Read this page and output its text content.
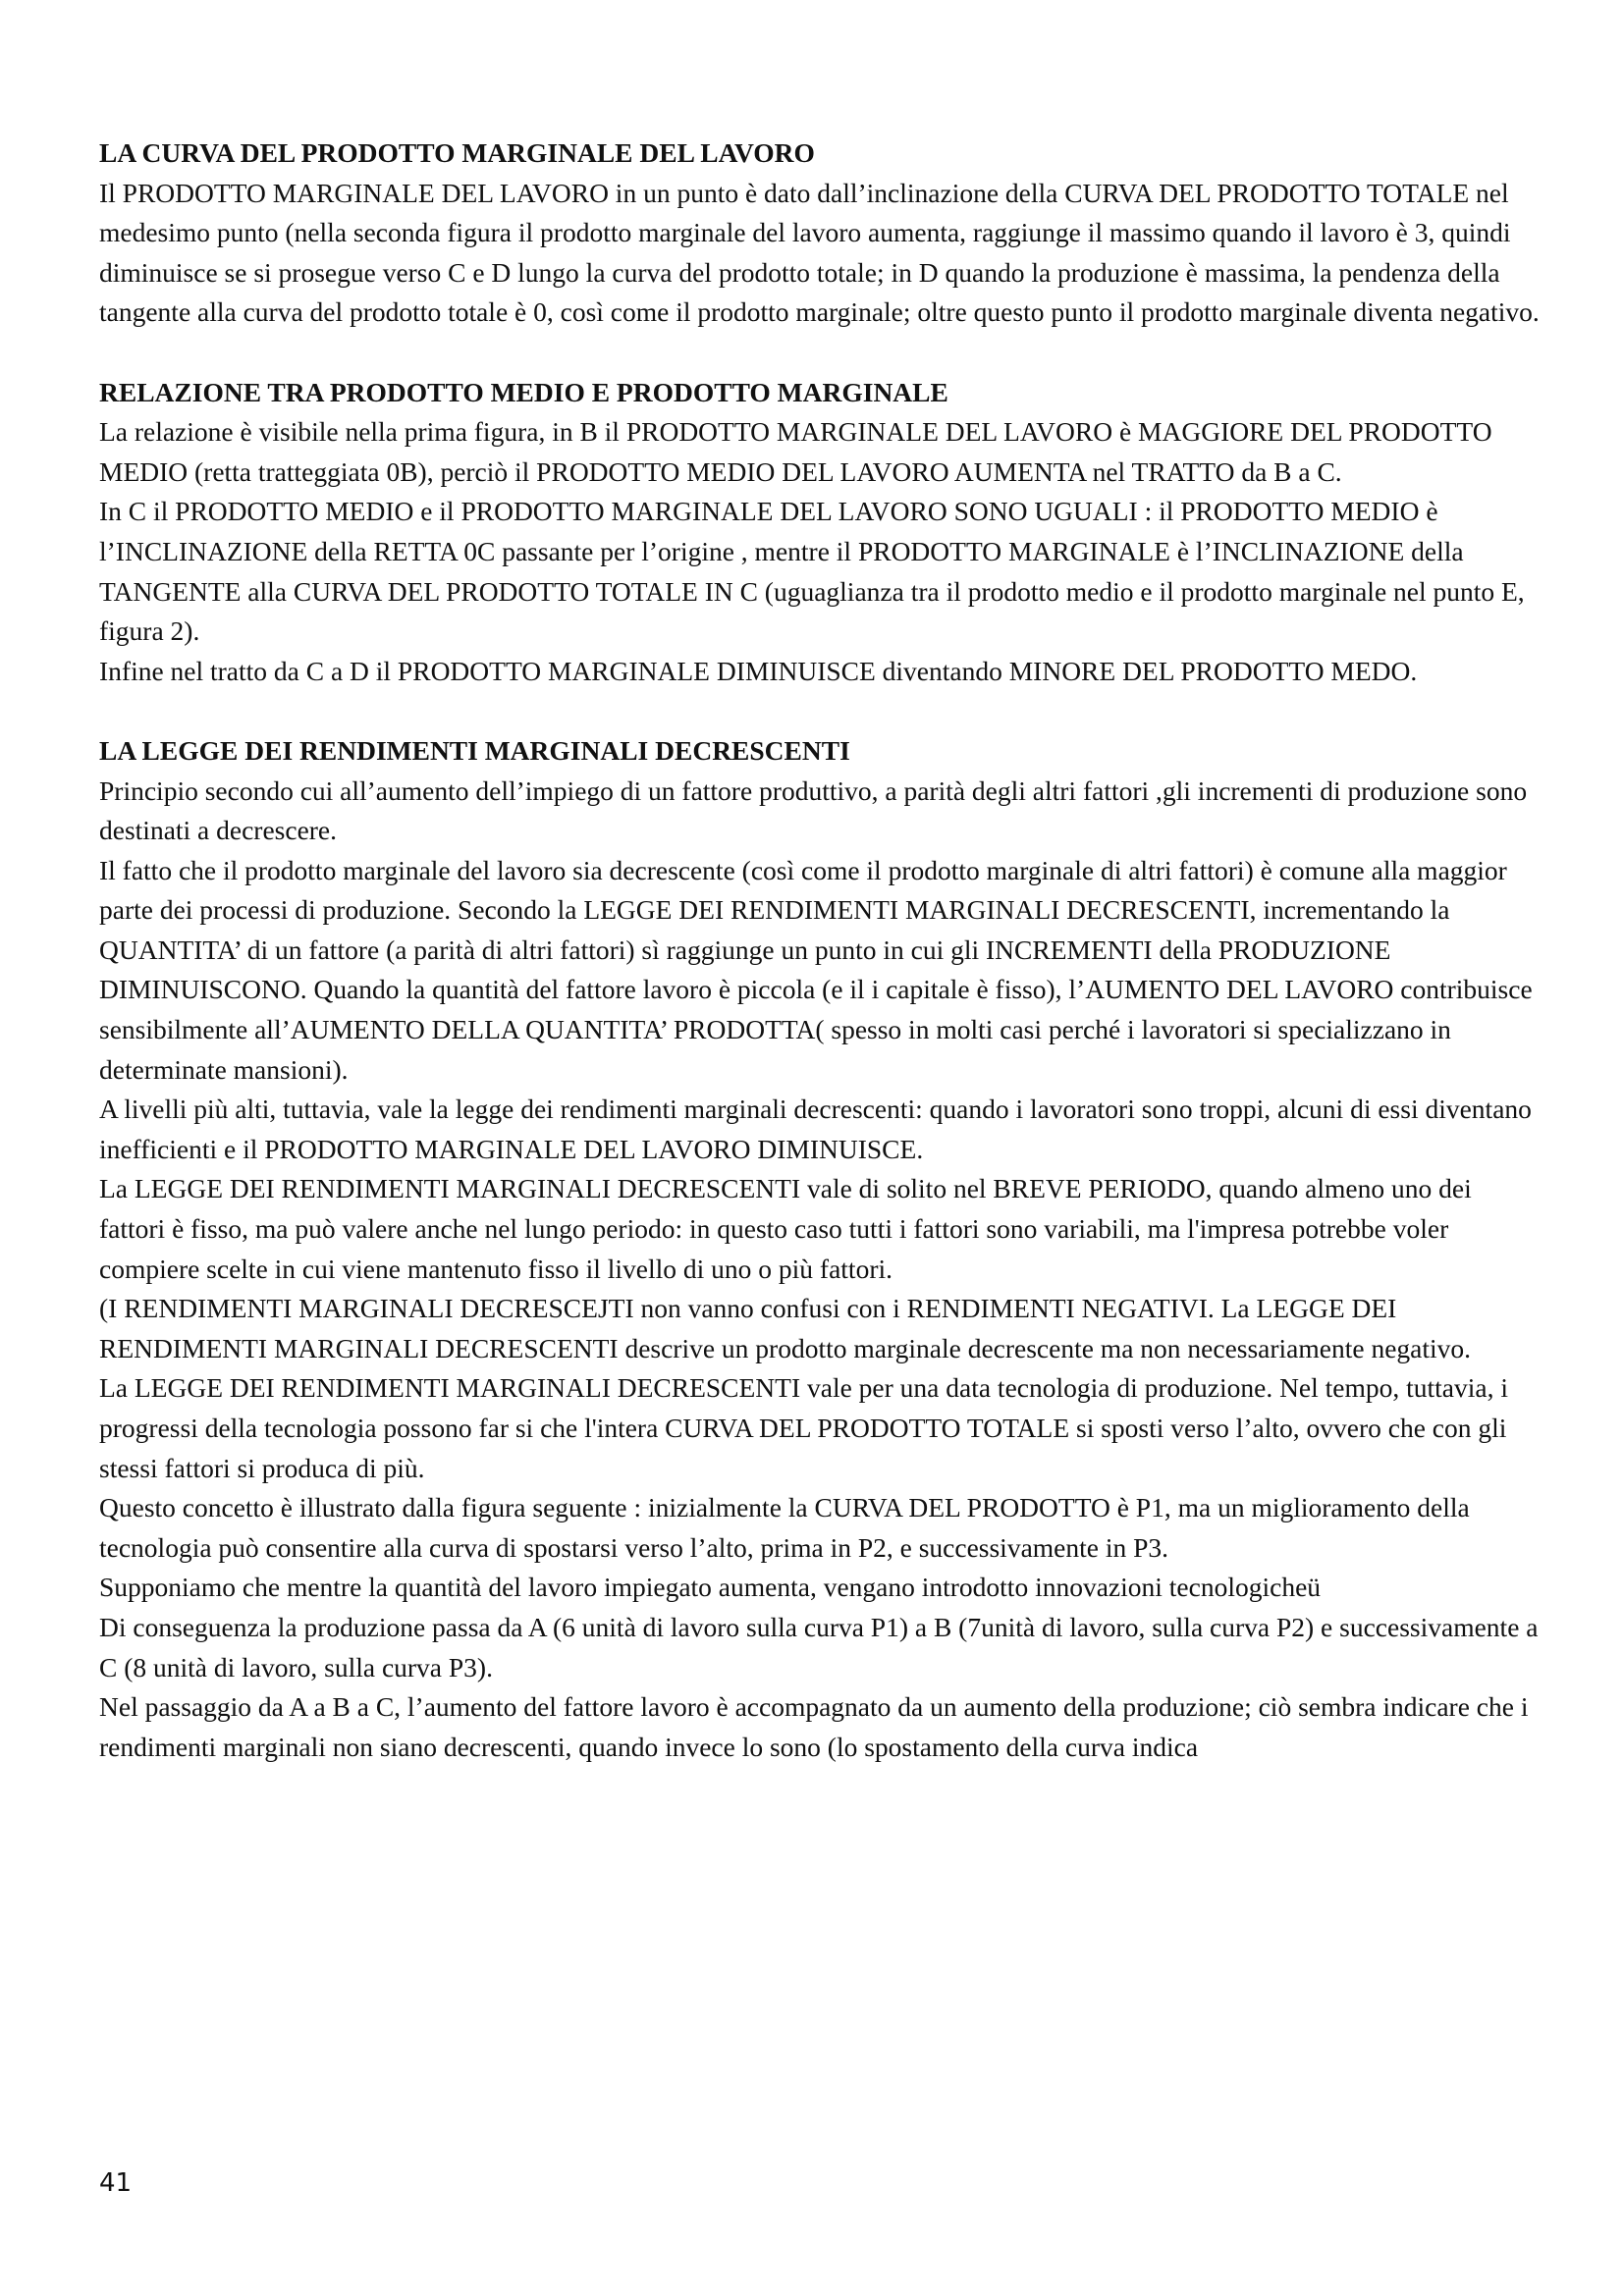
LA CURVA DEL PRODOTTO MARGINALE DEL LAVORO

Il PRODOTTO MARGINALE DEL LAVORO in un punto è dato dall’inclinazione della CURVA DEL PRODOTTO TOTALE nel medesimo punto (nella seconda figura il prodotto marginale del lavoro aumenta, raggiunge il massimo quando il lavoro è 3, quindi diminuisce se si prosegue verso C e D lungo la curva del prodotto totale; in D quando la produzione è massima, la pendenza della tangente alla curva del prodotto totale è 0, così come il prodotto marginale; oltre questo punto il prodotto marginale diventa negativo.

RELAZIONE TRA PRODOTTO MEDIO E PRODOTTO MARGINALE

La relazione è visibile nella prima figura, in B il PRODOTTO MARGINALE DEL LAVORO è MAGGIORE DEL PRODOTTO MEDIO (retta tratteggiata 0B), perciò il PRODOTTO MEDIO DEL LAVORO AUMENTA nel TRATTO da B a C.

In C il PRODOTTO MEDIO e il PRODOTTO MARGINALE DEL LAVORO SONO UGUALI : il PRODOTTO MEDIO è l’INCLINAZIONE della RETTA 0C passante per l’origine , mentre il PRODOTTO MARGINALE è l’INCLINAZIONE della TANGENTE alla CURVA DEL PRODOTTO TOTALE IN C (uguaglianza tra il prodotto medio e il prodotto marginale nel punto E, figura 2).

Infine nel tratto da C a D il PRODOTTO MARGINALE DIMINUISCE diventando MINORE DEL PRODOTTO MEDO.

LA LEGGE DEI RENDIMENTI MARGINALI DECRESCENTI

Principio secondo cui all’aumento dell’impiego di un fattore produttivo, a parità degli altri fattori ,gli incrementi di produzione sono destinati a decrescere.

Il fatto che il prodotto marginale del lavoro sia decrescente (così come il prodotto marginale di altri fattori) è comune alla maggior parte dei processi di produzione. Secondo la LEGGE DEI RENDIMENTI MARGINALI DECRESCENTI, incrementando la QUANTITA’ di un fattore (a parità di altri fattori) sì raggiunge un punto in cui gli INCREMENTI della PRODUZIONE DIMINUISCONO. Quando la quantità del fattore lavoro è piccola (e il i capitale è fisso), l’AUMENTO DEL LAVORO contribuisce sensibilmente all’AUMENTO DELLA QUANTITA’ PRODOTTA( spesso in molti casi perché i lavoratori si specializzano in determinate mansioni).

A livelli più alti, tuttavia, vale la legge dei rendimenti marginali decrescenti: quando i lavoratori sono troppi, alcuni di essi diventano inefficienti e il PRODOTTO MARGINALE DEL LAVORO DIMINUISCE.

La LEGGE DEI RENDIMENTI MARGINALI DECRESCENTI vale di solito nel BREVE PERIODO, quando almeno uno dei fattori è fisso, ma può valere anche nel lungo periodo: in questo caso tutti i fattori sono variabili, ma l'impresa potrebbe voler compiere scelte in cui viene mantenuto fisso il livello di uno o più fattori.

(I RENDIMENTI MARGINALI DECRESCEJTI non vanno confusi con i RENDIMENTI NEGATIVI. La LEGGE DEI RENDIMENTI MARGINALI DECRESCENTI descrive un prodotto marginale decrescente ma non necessariamente negativo.

La LEGGE DEI RENDIMENTI MARGINALI DECRESCENTI vale per una data tecnologia di produzione. Nel tempo, tuttavia, i progressi della tecnologia possono far si che l'intera CURVA DEL PRODOTTO TOTALE si sposti verso l’alto, ovvero che con gli stessi fattori si produca di più.

Questo concetto è illustrato dalla figura seguente : inizialmente la CURVA DEL PRODOTTO è P1, ma un miglioramento della tecnologia può consentire alla curva di spostarsi verso l’alto, prima in P2, e successivamente in P3.

Supponiamo che mentre la quantità del lavoro impiegato aumenta, vengano introdotto innovazioni tecnologicheü

Di conseguenza la produzione passa da A (6 unità di lavoro sulla curva P1) a B (7unità di lavoro, sulla curva P2) e successivamente a C (8 unità di lavoro, sulla curva P3).

Nel passaggio da A a B a C, l’aumento del fattore lavoro è accompagnato da un aumento della produzione; ciò sembra indicare che i rendimenti marginali non siano decrescenti, quando invece lo sono (lo spostamento della curva indica

41
